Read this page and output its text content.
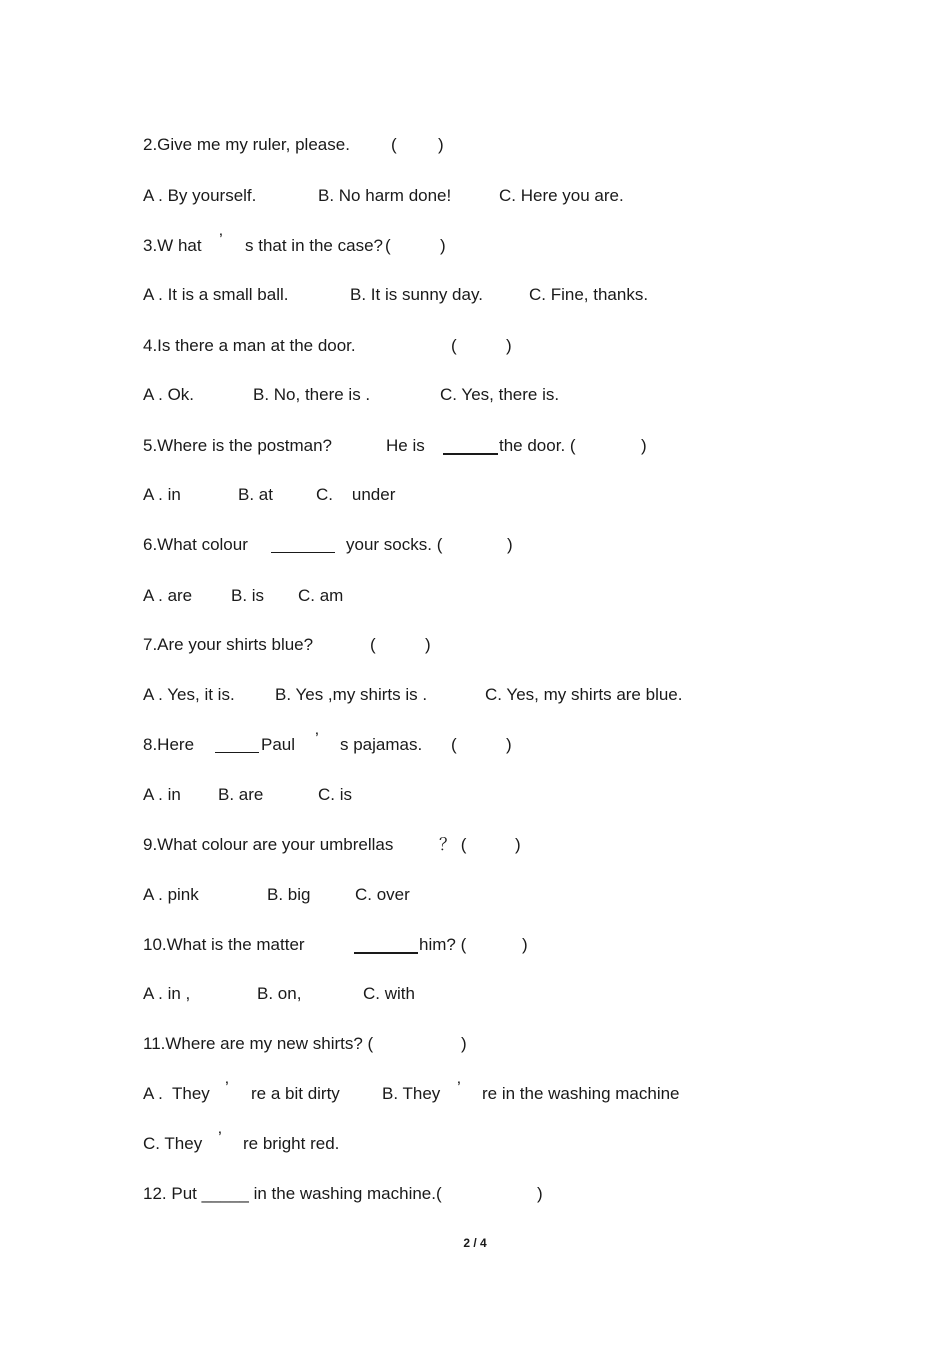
2.Give me my ruler, please.

(

)

A . By yourself.

	B. No harm done!

	C. Here you are.

3.W hat

’

s that in the case?

(

	)

A . It is a small ball.

	B. It is sunny day.

	C. Fine, thanks.

4.Is there a man at the door.

	(

	)

A . Ok.

	B. No, there is .

	C. Yes, there is.

5.Where is the postman?

	He is

	the door. (

	)

A . in

	B. at

	C.    under

6.What colour

	your socks. (

	)

A . are

B. is

C. am

7.Are your shirts blue?

	(

	)

A . Yes, it is.

B. Yes ,my shirts is .

	C. Yes, my shirts are blue.

8.Here

	Paul

’

s pajamas.

(

	)

A . in

B. are

	C. is

9.What colour are your umbrellas

	？ (

	)

A . pink

	B. big

	C. over

10.What is the matter

	him? (

	)

A . in ,

	B. on,

	C. with

11.Where are my new shirts? (

	)

A .  They

’

re a bit dirty

B. They

’

re in the washing machine

C. They

’

re bright red.

12. Put _____ in the washing machine.(

	)

2 / 4
